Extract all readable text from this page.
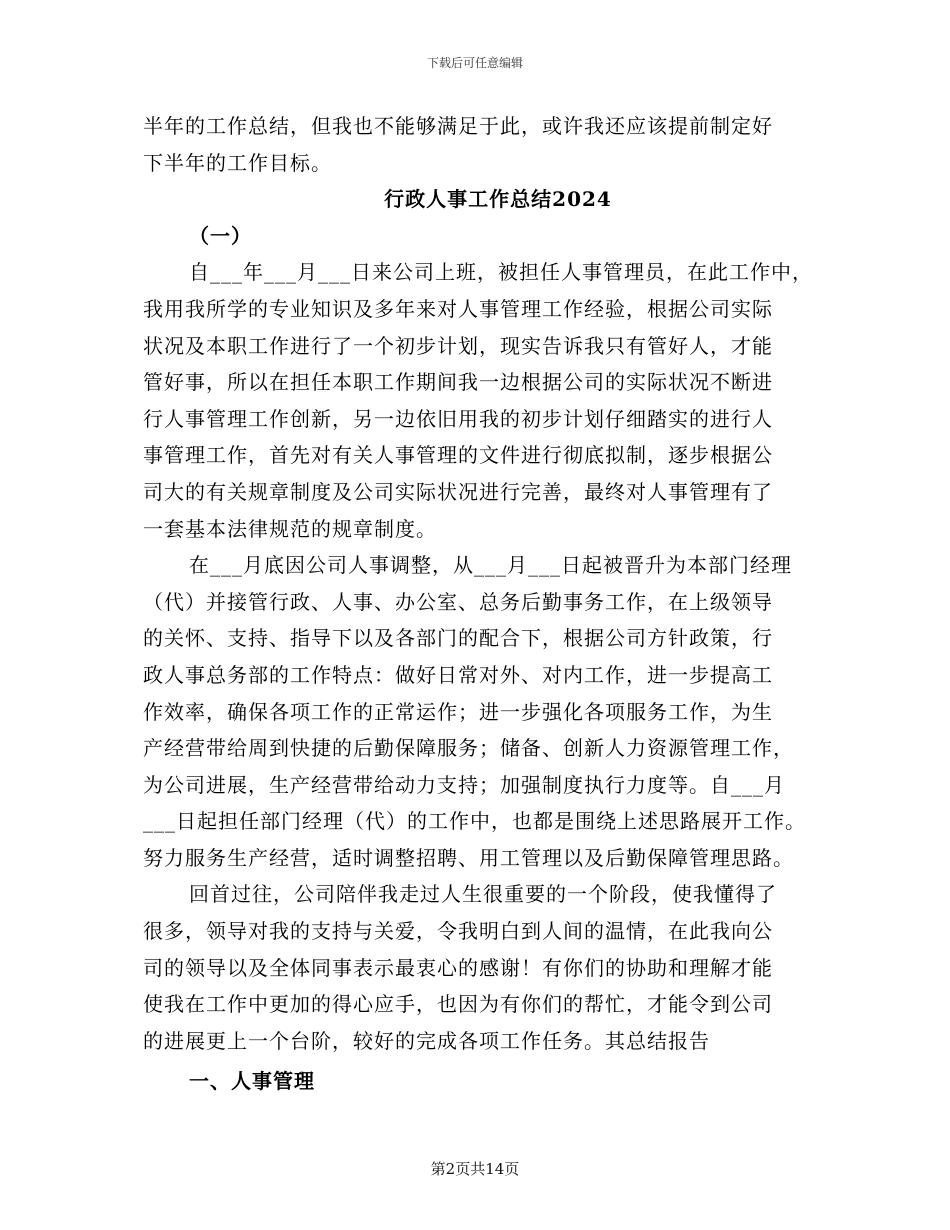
下载后可任意编辑
半年的工作总结，但我也不能够满足于此，或许我还应该提前制定好
下半年的工作目标。
行政人事工作总结2024
（一）
自___年___月___日来公司上班，被担任人事管理员，在此工作中，
我用我所学的专业知识及多年来对人事管理工作经验，根据公司实际
状况及本职工作进行了一个初步计划，现实告诉我只有管好人，才能
管好事，所以在担任本职工作期间我一边根据公司的实际状况不断进
行人事管理工作创新，另一边依旧用我的初步计划仔细踏实的进行人
事管理工作，首先对有关人事管理的文件进行彻底拟制，逐步根据公
司大的有关规章制度及公司实际状况进行完善，最终对人事管理有了
一套基本法律规范的规章制度。
在___月底因公司人事调整，从___月___日起被晋升为本部门经理
（代）并接管行政、人事、办公室、总务后勤事务工作，在上级领导
的关怀、支持、指导下以及各部门的配合下，根据公司方针政策，行
政人事总务部的工作特点：做好日常对外、对内工作，进一步提高工
作效率，确保各项工作的正常运作；进一步强化各项服务工作，为生
产经营带给周到快捷的后勤保障服务；储备、创新人力资源管理工作，
为公司进展，生产经营带给动力支持；加强制度执行力度等。自___月
___日起担任部门经理（代）的工作中，也都是围绕上述思路展开工作。
努力服务生产经营，适时调整招聘、用工管理以及后勤保障管理思路。
回首过往，公司陪伴我走过人生很重要的一个阶段，使我懂得了
很多，领导对我的支持与关爱，令我明白到人间的温情，在此我向公
司的领导以及全体同事表示最衷心的感谢！有你们的协助和理解才能
使我在工作中更加的得心应手，也因为有你们的帮忙，才能令到公司
的进展更上一个台阶，较好的完成各项工作任务。其总结报告
一、人事管理
第2页共14页
